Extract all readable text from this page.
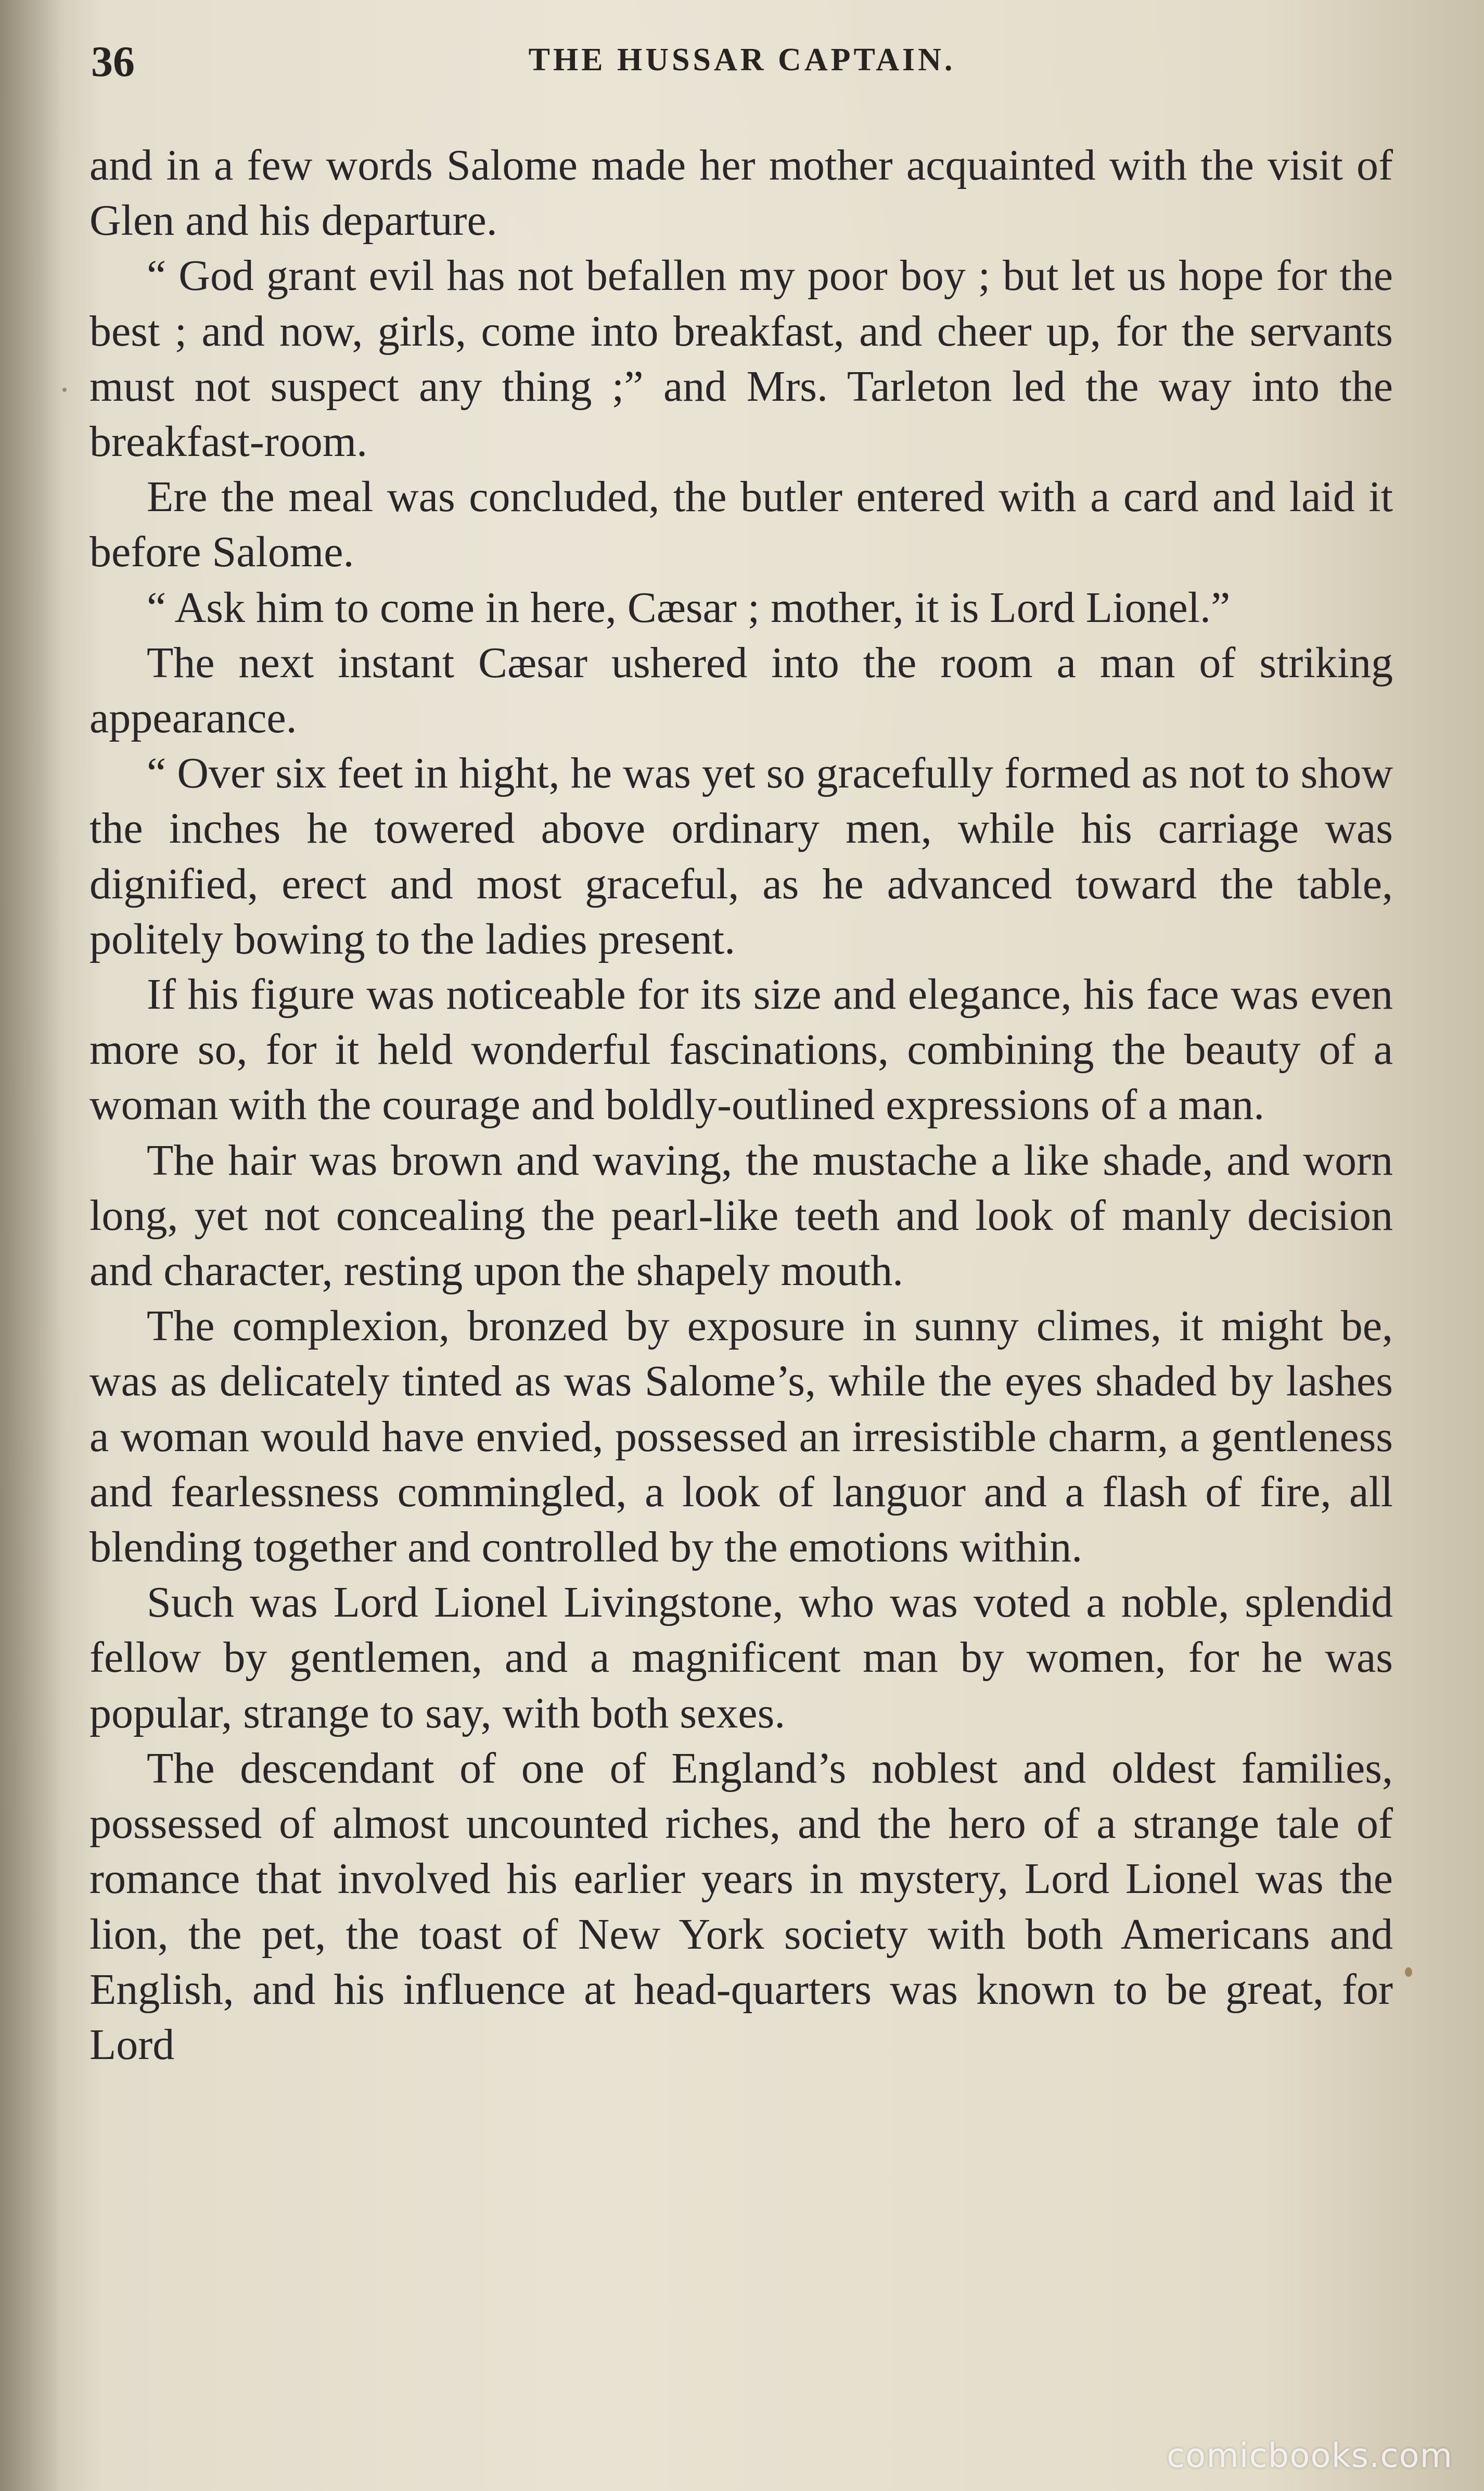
36	THE HUSSAR CAPTAIN.

and in a few words Salome made her mother acquainted with the visit of Glen and his departure.

“ God grant evil has not befallen my poor boy ; but let us hope for the best ; and now, girls, come into breakfast, and cheer up, for the servants must not suspect any thing ;” and Mrs. Tarleton led the way into the breakfast-room.

Ere the meal was concluded, the butler entered with a card and laid it before Salome.

“ Ask him to come in here, Cæsar ; mother, it is Lord Lionel.”

The next instant Cæsar ushered into the room a man of striking appearance.

“ Over six feet in hight, he was yet so gracefully formed as not to show the inches he towered above ordinary men, while his carriage was dignified, erect and most graceful, as he advanced toward the table, politely bowing to the ladies present.

If his figure was noticeable for its size and elegance, his face was even more so, for it held wonderful fascinations, combining the beauty of a woman with the courage and boldly-outlined expressions of a man.

The hair was brown and waving, the mustache a like shade, and worn long, yet not concealing the pearl-like teeth and look of manly decision and character, resting upon the shapely mouth.

The complexion, bronzed by exposure in sunny climes, it might be, was as delicately tinted as was Salome’s, while the eyes shaded by lashes a woman would have envied, possessed an irresistible charm, a gentleness and fearlessness commingled, a look of languor and a flash of fire, all blending together and controlled by the emotions within.

Such was Lord Lionel Livingstone, who was voted a noble, splendid fellow by gentlemen, and a magnificent man by women, for he was popular, strange to say, with both sexes.

The descendant of one of England’s noblest and oldest families, possessed of almost uncounted riches, and the hero of a strange tale of romance that involved his earlier years in mystery, Lord Lionel was the lion, the pet, the toast of New York society with both Americans and English, and his influence at head-quarters was known to be great, for Lord

comicbooks.com
